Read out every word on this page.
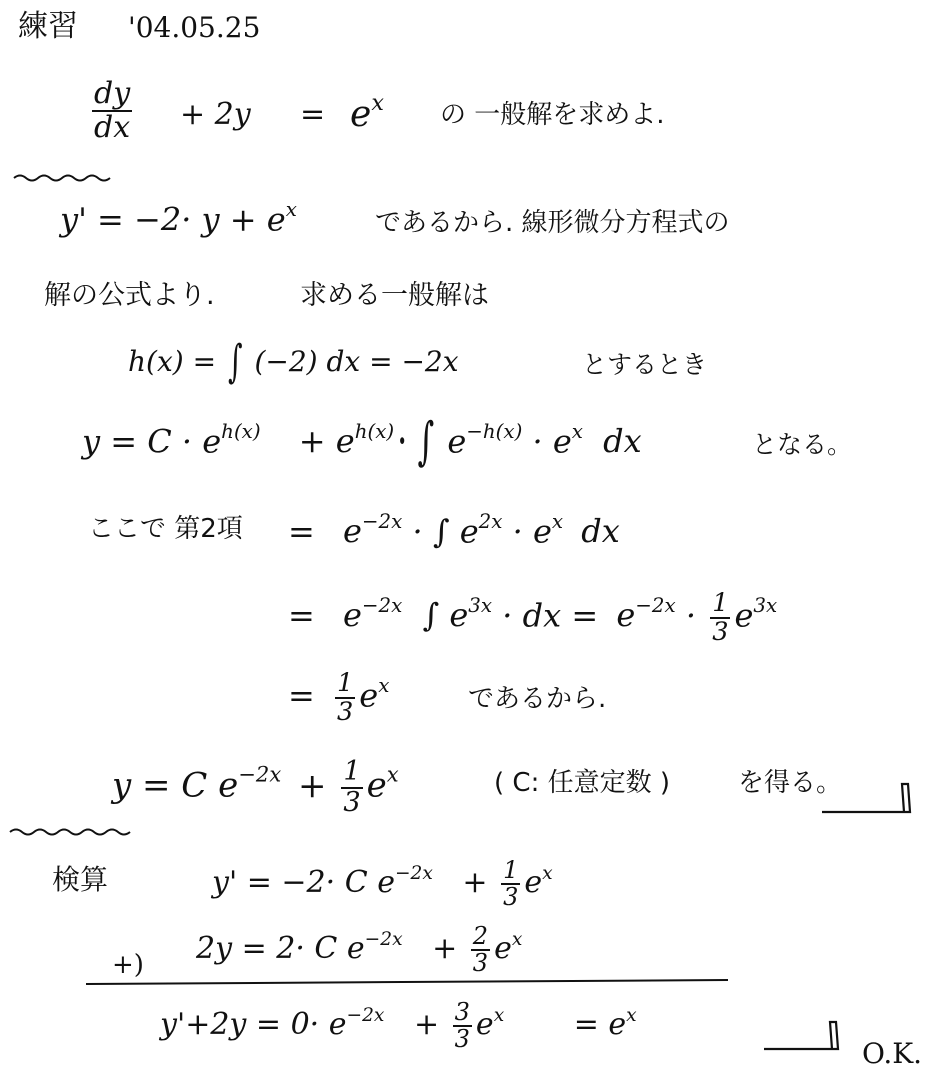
練習 '04.05.25
$\frac{dy}{dx} + 2y = e^x$ の 一般解を求めよ.
$y' = -2\cdot y + e^x$	であるから. 線形微分方程式の
解の公式より.	求める一般解は
h(x) = ∫ (−2) dx = −2x	とするとき
$y = C \cdot e^{h(x)} + e^{h(x)}\cdot$ ∫ $e^{-h(x)} \cdot e^x$ dx	となる。
ここで 第2項 = $e^{-2x}$ · ∫ $e^{2x} \cdot e^x$ dx
= $e^{-2x}$ ∫ $e^{3x}$ · dx = $e^{-2x} \cdot \frac{1}{3} e^{3x}$
= $\frac{1}{3} e^x$	であるから.
y = C $e^{-2x} + \frac{1}{3} e^x$	( C: 任意定数 )	を得る。
検算	y' = −2· C $e^{-2x} + \frac{1}{3} e^x$
+) 2y = 2· C $e^{-2x} + \frac{2}{3} e^x$
$y'+2y = 0\cdot e^{-2x} + \frac{3}{3} e^x = e^x$
O.K.
